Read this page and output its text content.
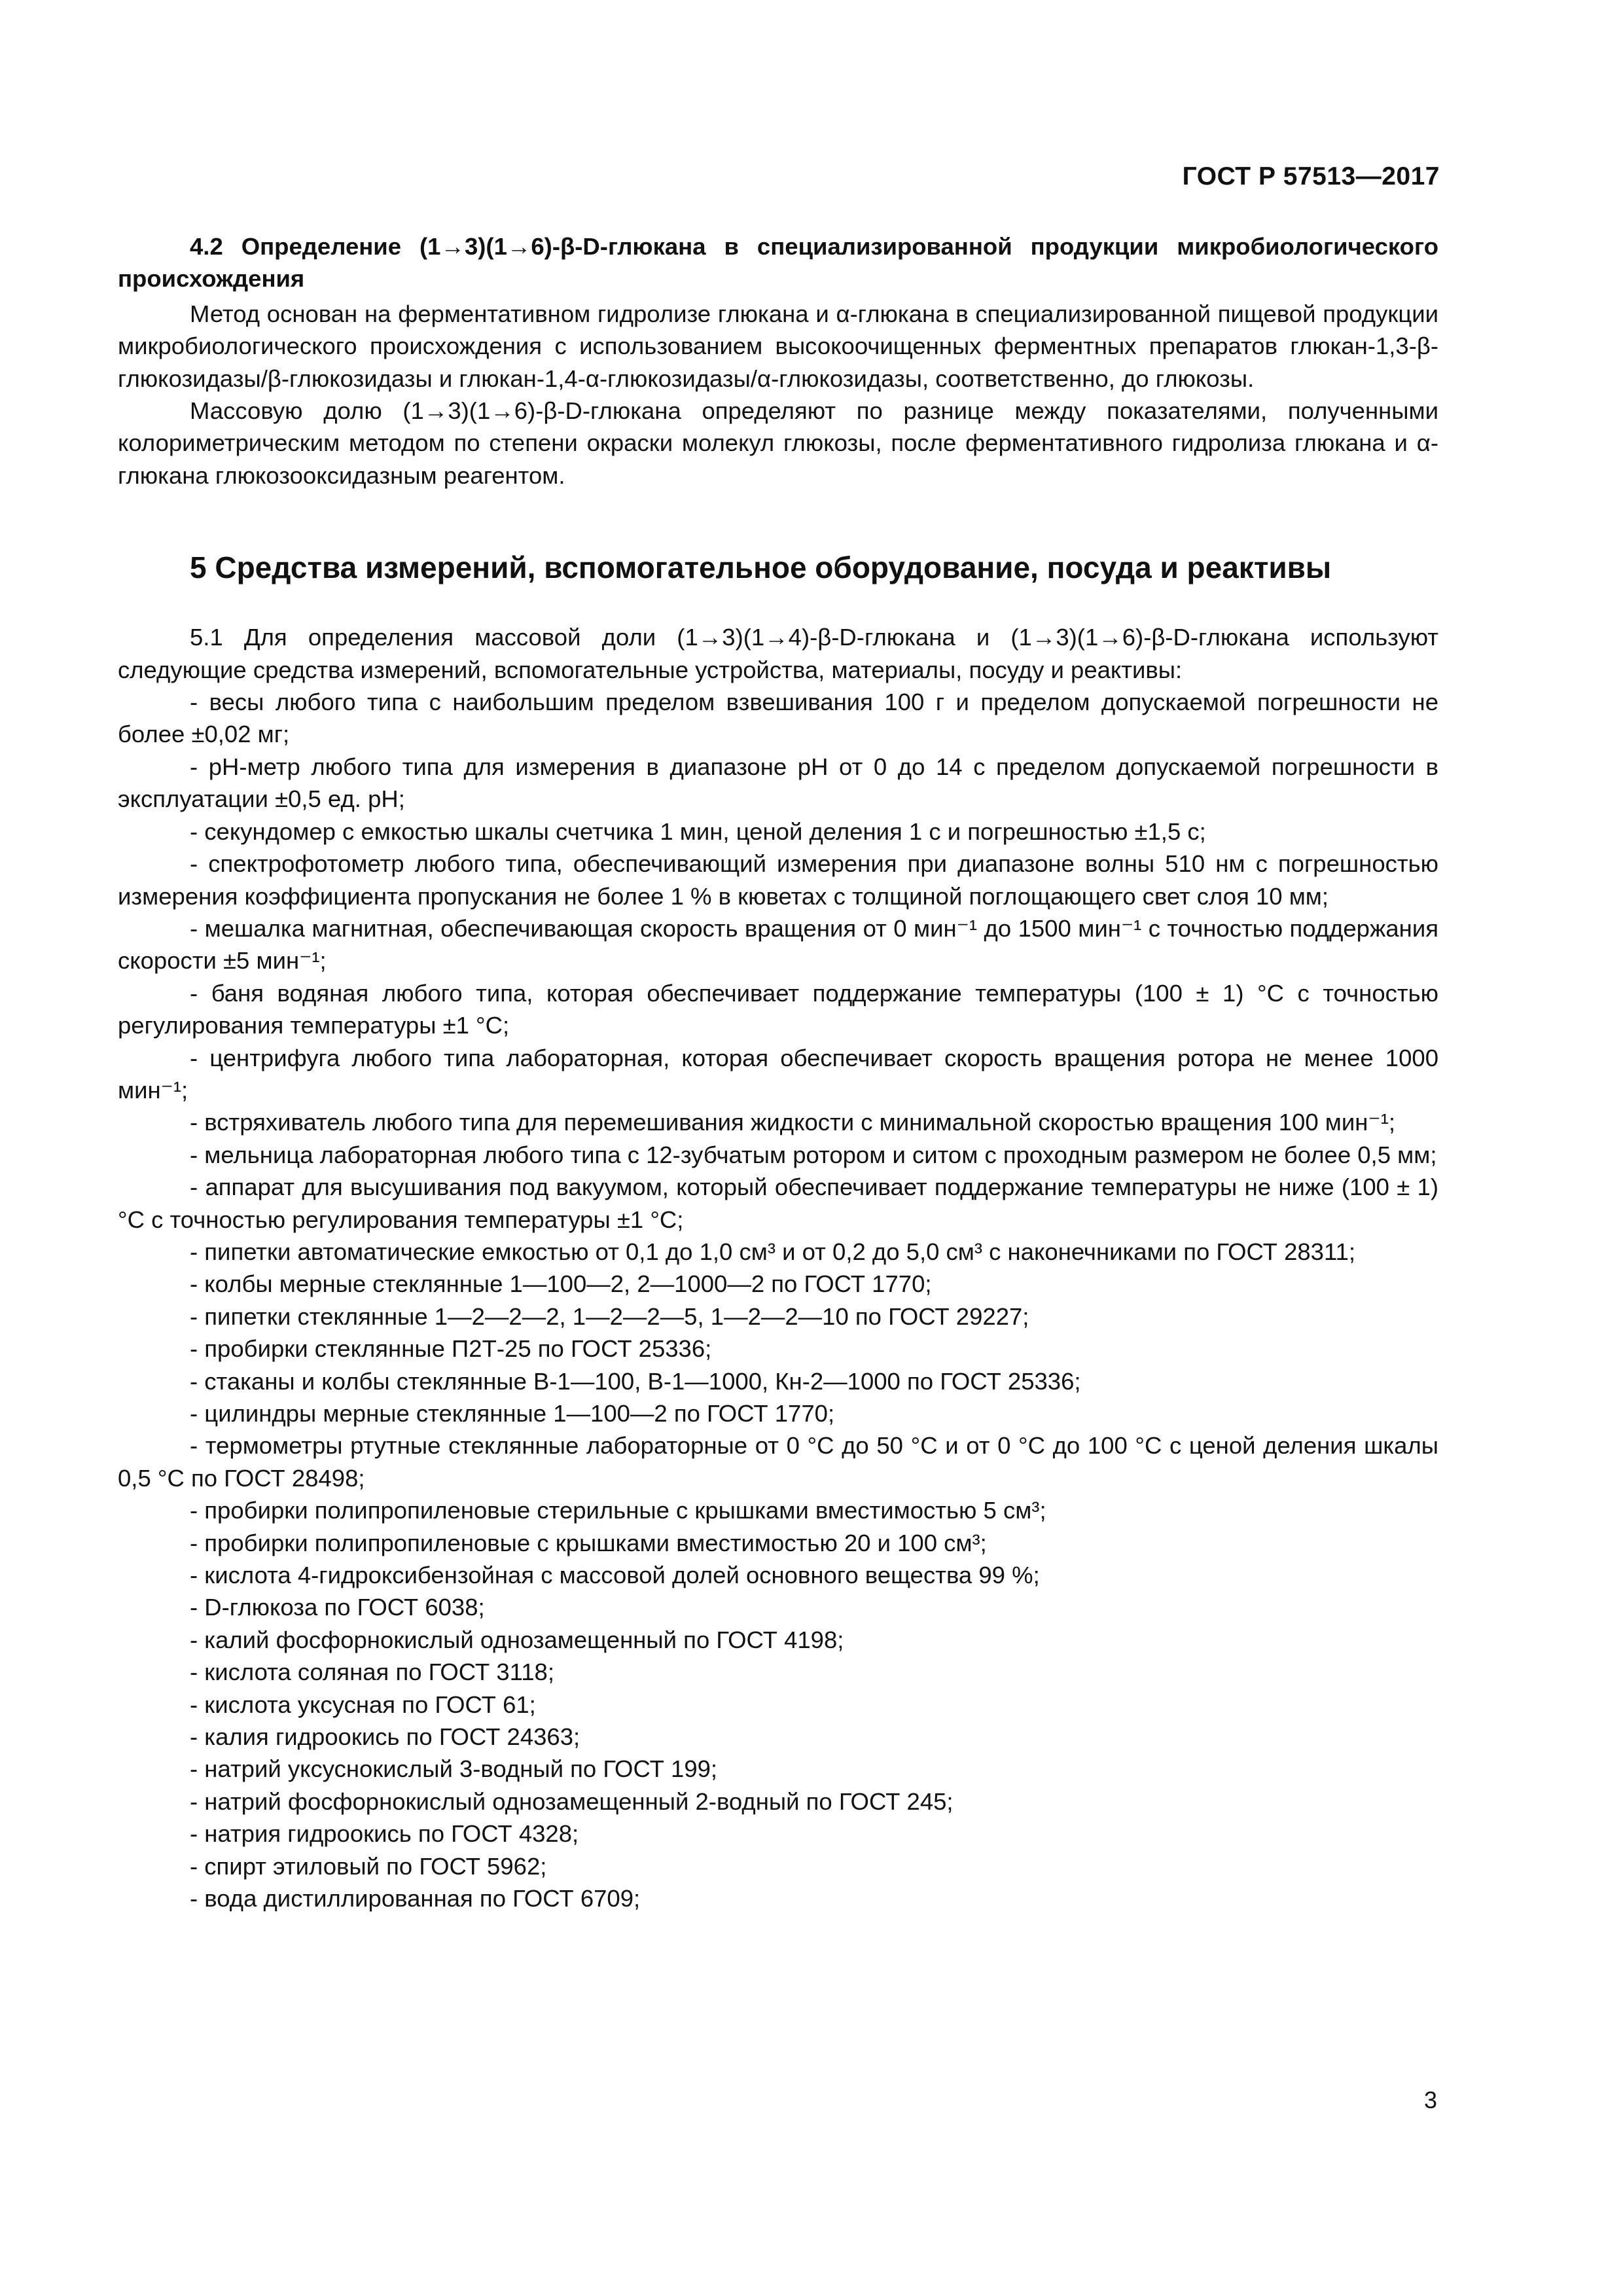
ГОСТ Р 57513—2017

4.2 Определение (1→3)(1→6)-β-D-глюкана в специализированной продукции микробиологического происхождения

Метод основан на ферментативном гидролизе глюкана и α-глюкана в специализированной пищевой продукции микробиологического происхождения с использованием высокоочищенных ферментных препаратов глюкан-1,3-β-глюкозидазы/β-глюкозидазы и глюкан-1,4-α-глюкозидазы/α-глюкозидазы, соответственно, до глюкозы.

Массовую долю (1→3)(1→6)-β-D-глюкана определяют по разнице между показателями, полученными колориметрическим методом по степени окраски молекул глюкозы, после ферментативного гидролиза глюкана и α-глюкана глюкозооксидазным реагентом.

5 Средства измерений, вспомогательное оборудование, посуда и реактивы

5.1 Для определения массовой доли (1→3)(1→4)-β-D-глюкана и (1→3)(1→6)-β-D-глюкана используют следующие средства измерений, вспомогательные устройства, материалы, посуду и реактивы:

- весы любого типа с наибольшим пределом взвешивания 100 г и пределом допускаемой погрешности не более ±0,02 мг;
- рН-метр любого типа для измерения в диапазоне рН от 0 до 14 с пределом допускаемой погрешности в эксплуатации ±0,5 ед. рН;
- секундомер с емкостью шкалы счетчика 1 мин, ценой деления 1 с и погрешностью ±1,5 с;
- спектрофотометр любого типа, обеспечивающий измерения при диапазоне волны 510 нм с погрешностью измерения коэффициента пропускания не более 1 % в кюветах с толщиной поглощающего свет слоя 10 мм;
- мешалка магнитная, обеспечивающая скорость вращения от 0 мин⁻¹ до 1500 мин⁻¹ с точностью поддержания скорости ±5 мин⁻¹;
- баня водяная любого типа, которая обеспечивает поддержание температуры (100 ± 1) °С с точностью регулирования температуры ±1 °С;
- центрифуга любого типа лабораторная, которая обеспечивает скорость вращения ротора не менее 1000 мин⁻¹;
- встряхиватель любого типа для перемешивания жидкости с минимальной скоростью вращения 100 мин⁻¹;
- мельница лабораторная любого типа с 12-зубчатым ротором и ситом с проходным размером не более 0,5 мм;
- аппарат для высушивания под вакуумом, который обеспечивает поддержание температуры не ниже (100 ± 1) °С с точностью регулирования температуры ±1 °С;
- пипетки автоматические емкостью от 0,1 до 1,0 см³ и от 0,2 до 5,0 см³ с наконечниками по ГОСТ 28311;
- колбы мерные стеклянные 1—100—2, 2—1000—2 по ГОСТ 1770;
- пипетки стеклянные 1—2—2—2, 1—2—2—5, 1—2—2—10 по ГОСТ 29227;
- пробирки стеклянные П2Т-25 по ГОСТ 25336;
- стаканы и колбы стеклянные В-1—100, В-1—1000, Кн-2—1000 по ГОСТ 25336;
- цилиндры мерные стеклянные 1—100—2 по ГОСТ 1770;
- термометры ртутные стеклянные лабораторные от 0 °С до 50 °С и от 0 °С до 100 °С с ценой деления шкалы 0,5 °С по ГОСТ 28498;
- пробирки полипропиленовые стерильные с крышками вместимостью 5 см³;
- пробирки полипропиленовые с крышками вместимостью 20 и 100 см³;
- кислота 4-гидроксибензойная с массовой долей основного вещества 99 %;
- D-глюкоза по ГОСТ 6038;
- калий фосфорнокислый однозамещенный по ГОСТ 4198;
- кислота соляная по ГОСТ 3118;
- кислота уксусная по ГОСТ 61;
- калия гидроокись по ГОСТ 24363;
- натрий уксуснокислый 3-водный по ГОСТ 199;
- натрий фосфорнокислый однозамещенный 2-водный по ГОСТ 245;
- натрия гидроокись по ГОСТ 4328;
- спирт этиловый по ГОСТ 5962;
- вода дистиллированная по ГОСТ 6709;
3
